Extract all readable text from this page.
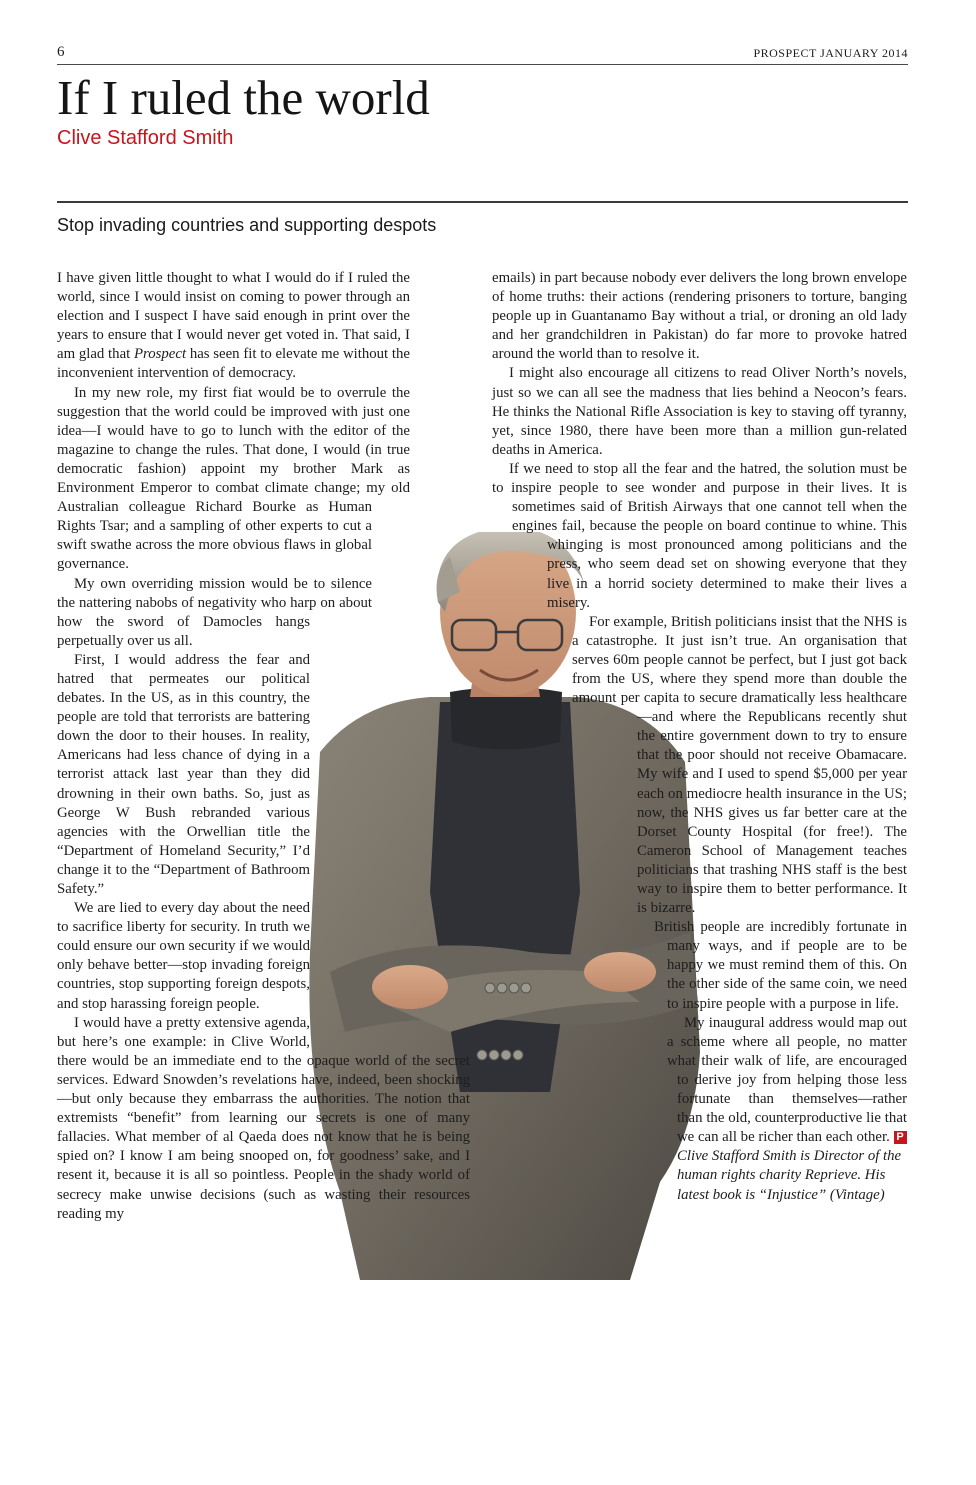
6	PROSPECT JANUARY 2014
If I ruled the world
Clive Stafford Smith
Stop invading countries and supporting despots

I have given little thought to what I would do if I ruled the world, since I would insist on coming to power through an election and I suspect I have said enough in print over the years to ensure that I would never get voted in. That said, I am glad that Prospect has seen fit to elevate me without the inconvenient intervention of democracy.

In my new role, my first fiat would be to overrule the suggestion that the world could be improved with just one idea—I would have to go to lunch with the editor of the magazine to change the rules. That done, I would (in true democratic fashion) appoint my brother Mark as Environment Emperor to combat climate change; my old Australian colleague Richard Bourke as Human Rights Tsar; and a sampling of other experts to cut a swift swathe across the more obvious flaws in global governance.

My own overriding mission would be to silence the nattering nabobs of negativity who harp on about how the sword of Damocles hangs perpetually over us all.

First, I would address the fear and hatred that permeates our political debates. In the US, as in this country, the people are told that terrorists are battering down the door to their houses. In reality, Americans had less chance of dying in a terrorist attack last year than they did drowning in their own baths. So, just as George W Bush rebranded various agencies with the Orwellian title the “Department of Homeland Security,” I’d change it to the “Department of Bathroom Safety.”

We are lied to every day about the need to sacrifice liberty for security. In truth we could ensure our own security if we would only behave better—stop invading foreign countries, stop supporting foreign despots, and stop harassing foreign people.

I would have a pretty extensive agenda, but here’s one example: in Clive World, there would be an immediate end to the opaque world of the secret services. Edward Snowden’s revelations have, indeed, been shocking—but only because they embarrass the authorities. The notion that extremists “benefit” from learning our secrets is one of many fallacies. What member of al Qaeda does not know that he is being spied on? I know I am being snooped on, for goodness’ sake, and I resent it, because it is all so pointless. People in the shady world of secrecy make unwise decisions (such as wasting their resources reading my

emails) in part because nobody ever delivers the long brown envelope of home truths: their actions (rendering prisoners to torture, banging people up in Guantanamo Bay without a trial, or droning an old lady and her grandchildren in Pakistan) do far more to provoke hatred around the world than to resolve it.

I might also encourage all citizens to read Oliver North’s novels, just so we can all see the madness that lies behind a Neocon’s fears. He thinks the National Rifle Association is key to staving off tyranny, yet, since 1980, there have been more than a million gun-related deaths in America.

If we need to stop all the fear and the hatred, the solution must be to inspire people to see wonder and purpose in their lives. It is sometimes said of British Airways that one cannot tell when the engines fail, because the people on board continue to whine. This whinging is most pronounced among politicians and the press, who seem dead set on showing everyone that they live in a horrid society determined to make their lives a misery.

For example, British politicians insist that the NHS is a catastrophe. It just isn’t true. An organisation that serves 60m people cannot be perfect, but I just got back from the US, where they spend more than double the amount per capita to secure dramatically less healthcare—and where the Republicans recently shut the entire government down to try to ensure that the poor should not receive Obamacare. My wife and I used to spend $5,000 per year each on mediocre health insurance in the US; now, the NHS gives us far better care at the Dorset County Hospital (for free!). The Cameron School of Management teaches politicians that trashing NHS staff is the best way to inspire them to better performance. It is bizarre.

British people are incredibly fortunate in many ways, and if people are to be happy we must remind them of this. On the other side of the same coin, we need to inspire people with a purpose in life.

My inaugural address would map out a scheme where all people, no matter what their walk of life, are encouraged to derive joy from helping those less fortunate than themselves—rather than the old, counterproductive lie that we can all be richer than each other. P

Clive Stafford Smith is Director of the human rights charity Reprieve. His latest book is “Injustice” (Vintage)
